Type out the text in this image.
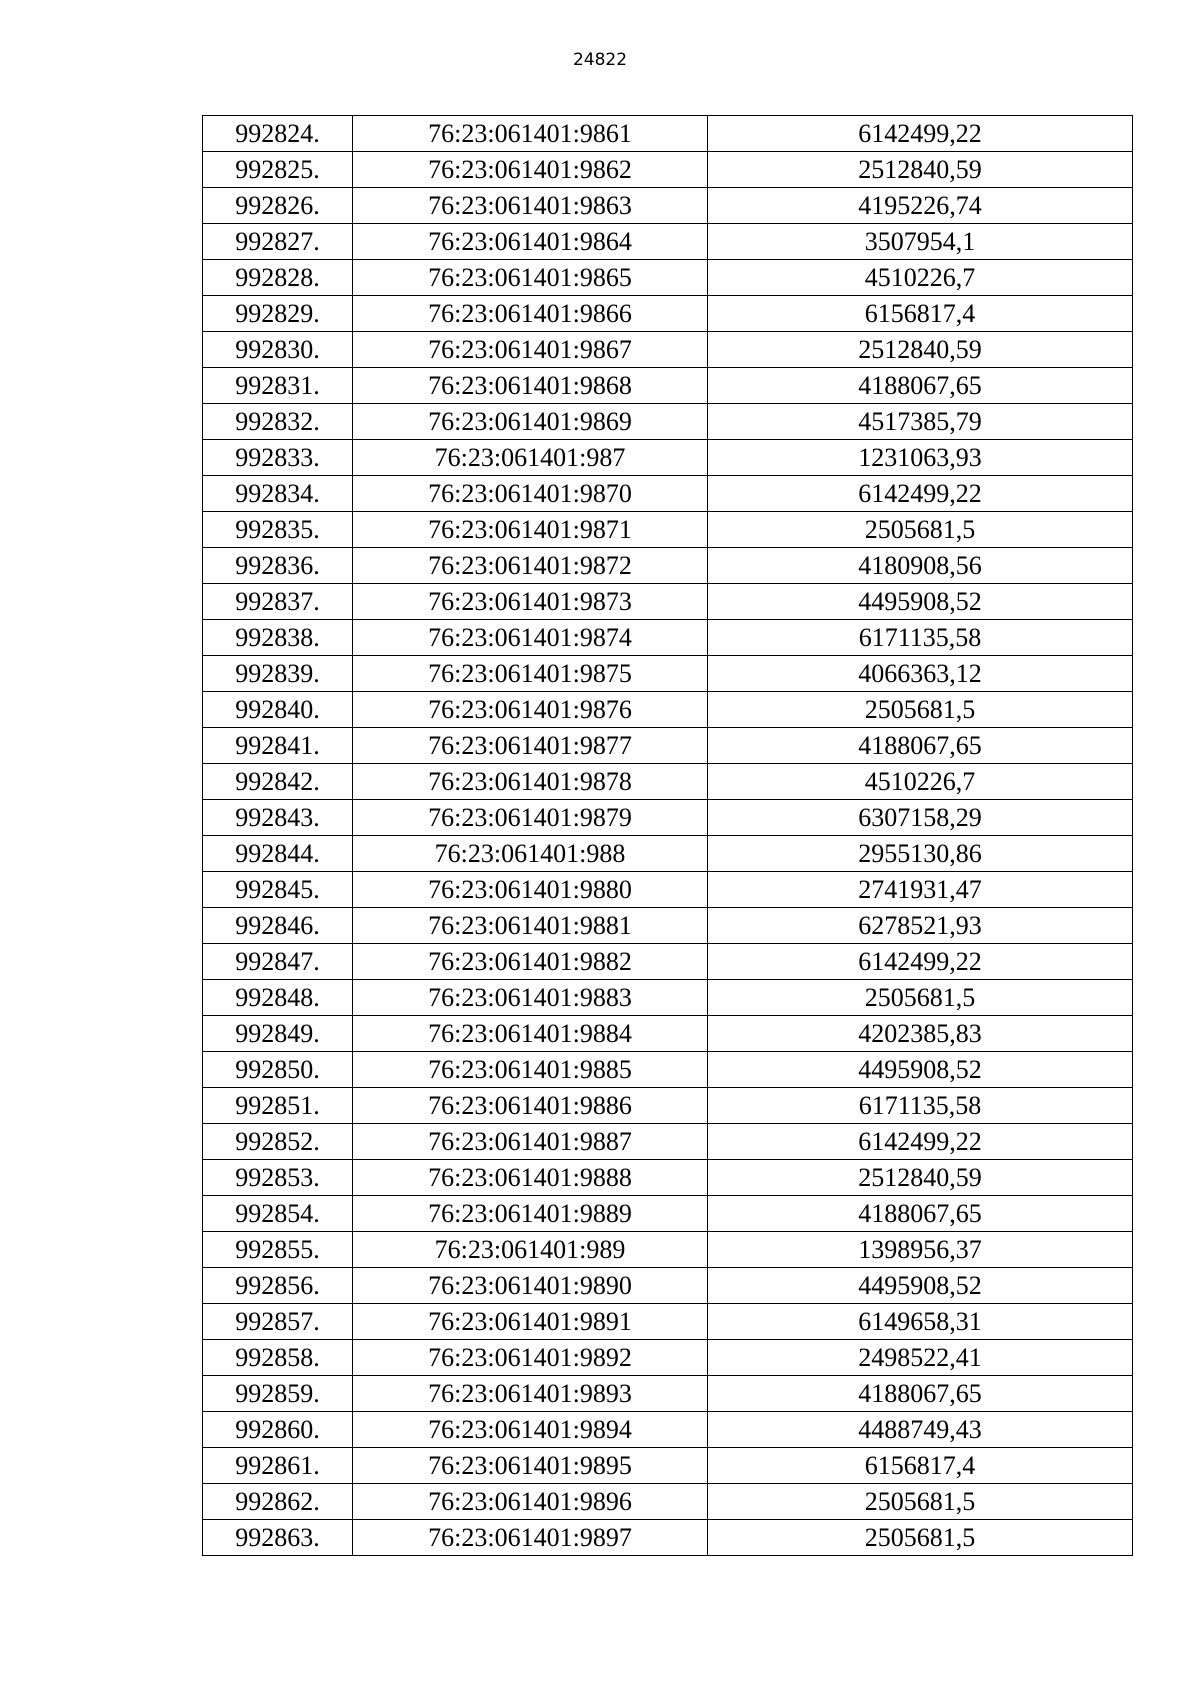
24822
992824.	76:23:061401:9861	6142499,22
992825.	76:23:061401:9862	2512840,59
992826.	76:23:061401:9863	4195226,74
992827.	76:23:061401:9864	3507954,1
992828.	76:23:061401:9865	4510226,7
992829.	76:23:061401:9866	6156817,4
992830.	76:23:061401:9867	2512840,59
992831.	76:23:061401:9868	4188067,65
992832.	76:23:061401:9869	4517385,79
992833.	76:23:061401:987	1231063,93
992834.	76:23:061401:9870	6142499,22
992835.	76:23:061401:9871	2505681,5
992836.	76:23:061401:9872	4180908,56
992837.	76:23:061401:9873	4495908,52
992838.	76:23:061401:9874	6171135,58
992839.	76:23:061401:9875	4066363,12
992840.	76:23:061401:9876	2505681,5
992841.	76:23:061401:9877	4188067,65
992842.	76:23:061401:9878	4510226,7
992843.	76:23:061401:9879	6307158,29
992844.	76:23:061401:988	2955130,86
992845.	76:23:061401:9880	2741931,47
992846.	76:23:061401:9881	6278521,93
992847.	76:23:061401:9882	6142499,22
992848.	76:23:061401:9883	2505681,5
992849.	76:23:061401:9884	4202385,83
992850.	76:23:061401:9885	4495908,52
992851.	76:23:061401:9886	6171135,58
992852.	76:23:061401:9887	6142499,22
992853.	76:23:061401:9888	2512840,59
992854.	76:23:061401:9889	4188067,65
992855.	76:23:061401:989	1398956,37
992856.	76:23:061401:9890	4495908,52
992857.	76:23:061401:9891	6149658,31
992858.	76:23:061401:9892	2498522,41
992859.	76:23:061401:9893	4188067,65
992860.	76:23:061401:9894	4488749,43
992861.	76:23:061401:9895	6156817,4
992862.	76:23:061401:9896	2505681,5
992863.	76:23:061401:9897	2505681,5
